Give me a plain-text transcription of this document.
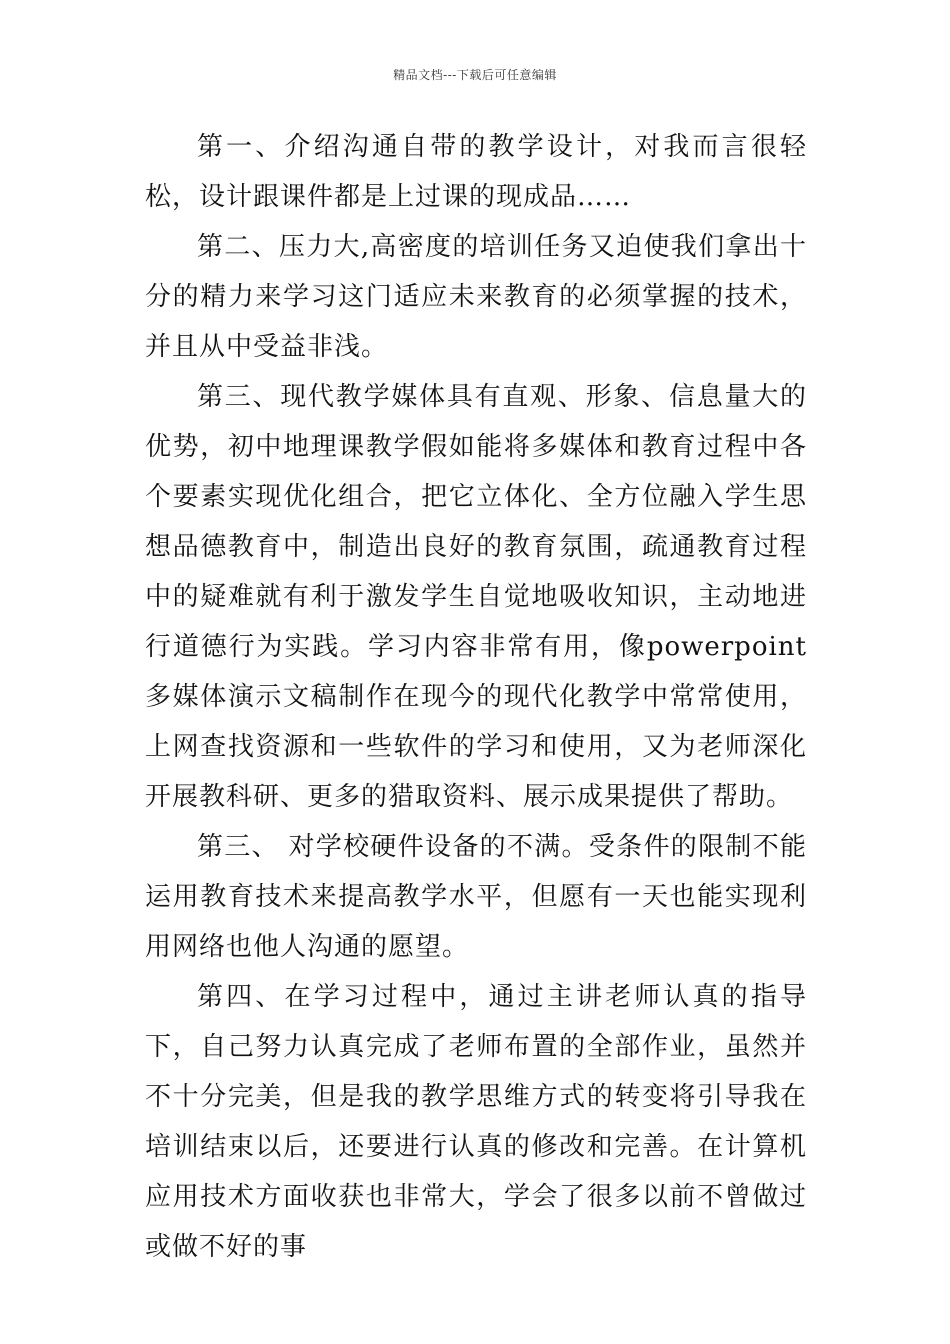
精品文档---下载后可任意编辑

第一、介绍沟通自带的教学设计，对我而言很轻松，设计跟课件都是上过课的现成品……

第二、压力大,高密度的培训任务又迫使我们拿出十分的精力来学习这门适应未来教育的必须掌握的技术，并且从中受益非浅。

第三、现代教学媒体具有直观、形象、信息量大的优势，初中地理课教学假如能将多媒体和教育过程中各个要素实现优化组合，把它立体化、全方位融入学生思想品德教育中，制造出良好的教育氛围，疏通教育过程中的疑难就有利于激发学生自觉地吸收知识，主动地进行道德行为实践。学习内容非常有用，像powerpoint多媒体演示文稿制作在现今的现代化教学中常常使用，上网查找资源和一些软件的学习和使用，又为老师深化开展教科研、更多的猎取资料、展示成果提供了帮助。

第三、 对学校硬件设备的不满。受条件的限制不能运用教育技术来提高教学水平，但愿有一天也能实现利用网络也他人沟通的愿望。

第四、在学习过程中，通过主讲老师认真的指导下，自己努力认真完成了老师布置的全部作业，虽然并不十分完美，但是我的教学思维方式的转变将引导我在培训结束以后，还要进行认真的修改和完善。在计算机应用技术方面收获也非常大，学会了很多以前不曾做过或做不好的事
